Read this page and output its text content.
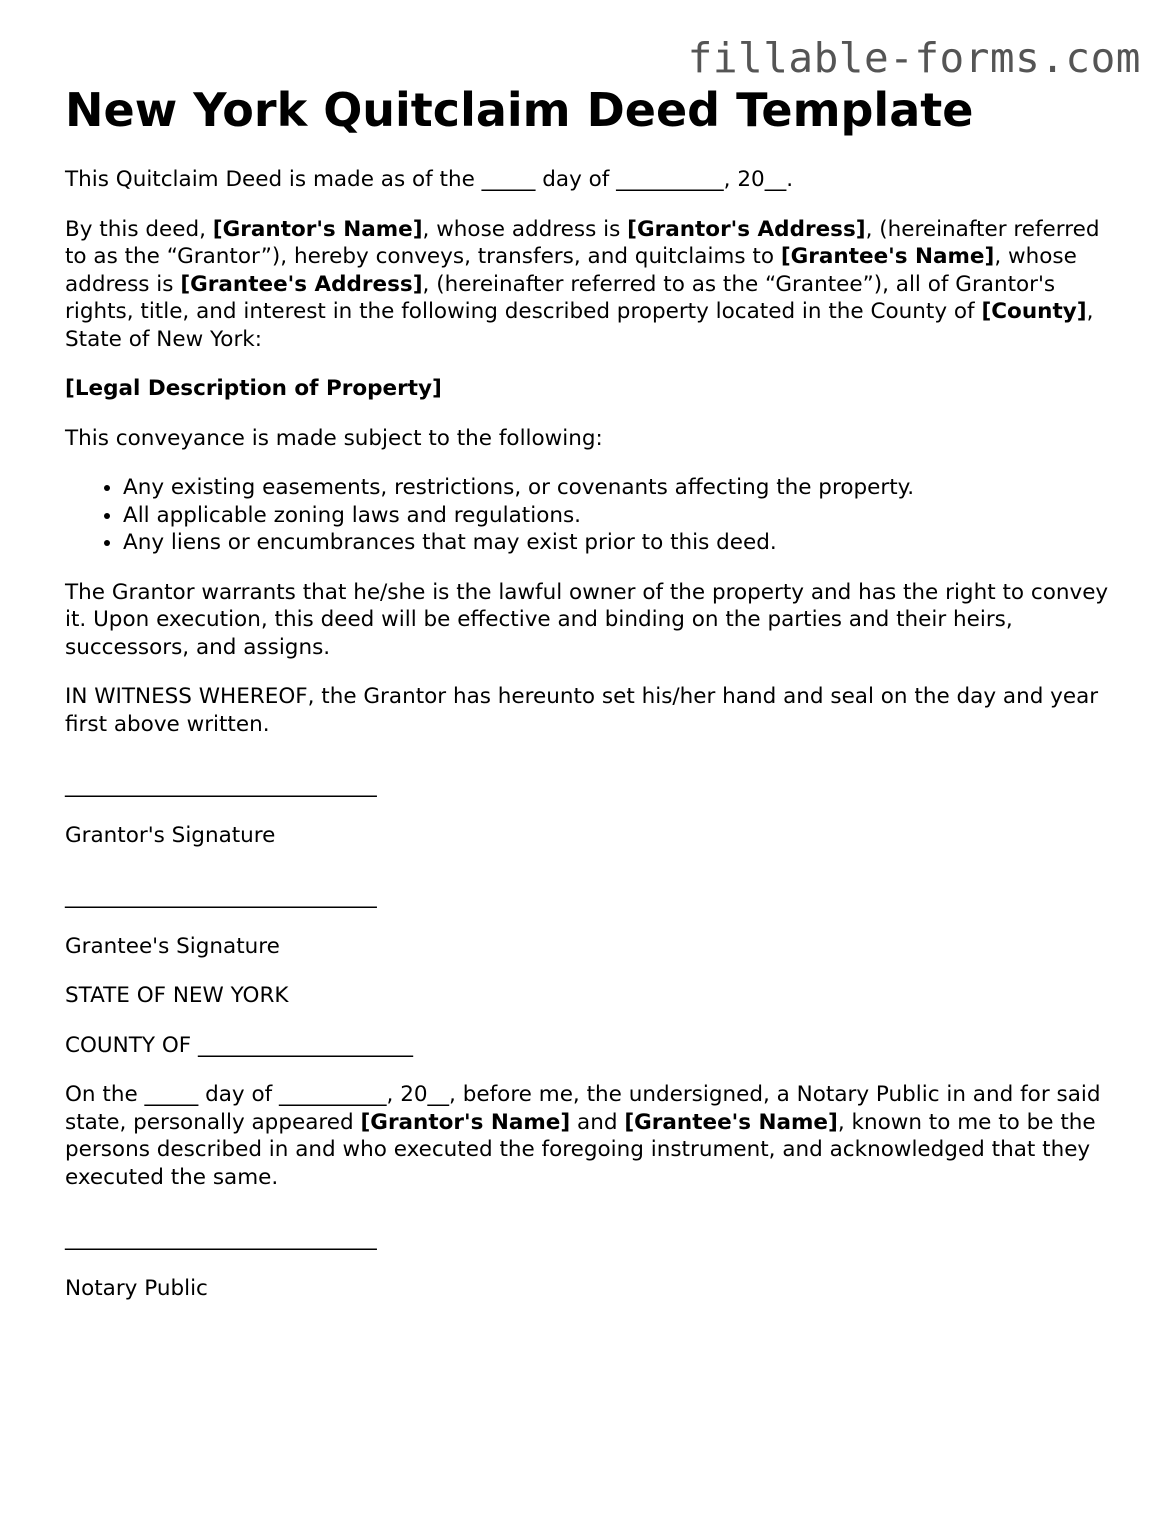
fillable-forms.com
New York Quitclaim Deed Template

This Quitclaim Deed is made as of the _____ day of __________, 20__.

By this deed, [Grantor's Name], whose address is [Grantor's Address], (hereinafter referred to as the “Grantor”), hereby conveys, transfers, and quitclaims to [Grantee's Name], whose address is [Grantee's Address], (hereinafter referred to as the “Grantee”), all of Grantor's rights, title, and interest in the following described property located in the County of [County], State of New York:

[Legal Description of Property]

This conveyance is made subject to the following:

• Any existing easements, restrictions, or covenants affecting the property.
• All applicable zoning laws and regulations.
• Any liens or encumbrances that may exist prior to this deed.

The Grantor warrants that he/she is the lawful owner of the property and has the right to convey it. Upon execution, this deed will be effective and binding on the parties and their heirs, successors, and assigns.

IN WITNESS WHEREOF, the Grantor has hereunto set his/her hand and seal on the day and year first above written.

_____________________________

Grantor's Signature

_____________________________

Grantee's Signature

STATE OF NEW YORK

COUNTY OF ____________________

On the _____ day of __________, 20__, before me, the undersigned, a Notary Public in and for said state, personally appeared [Grantor's Name] and [Grantee's Name], known to me to be the persons described in and who executed the foregoing instrument, and acknowledged that they executed the same.

_____________________________

Notary Public
